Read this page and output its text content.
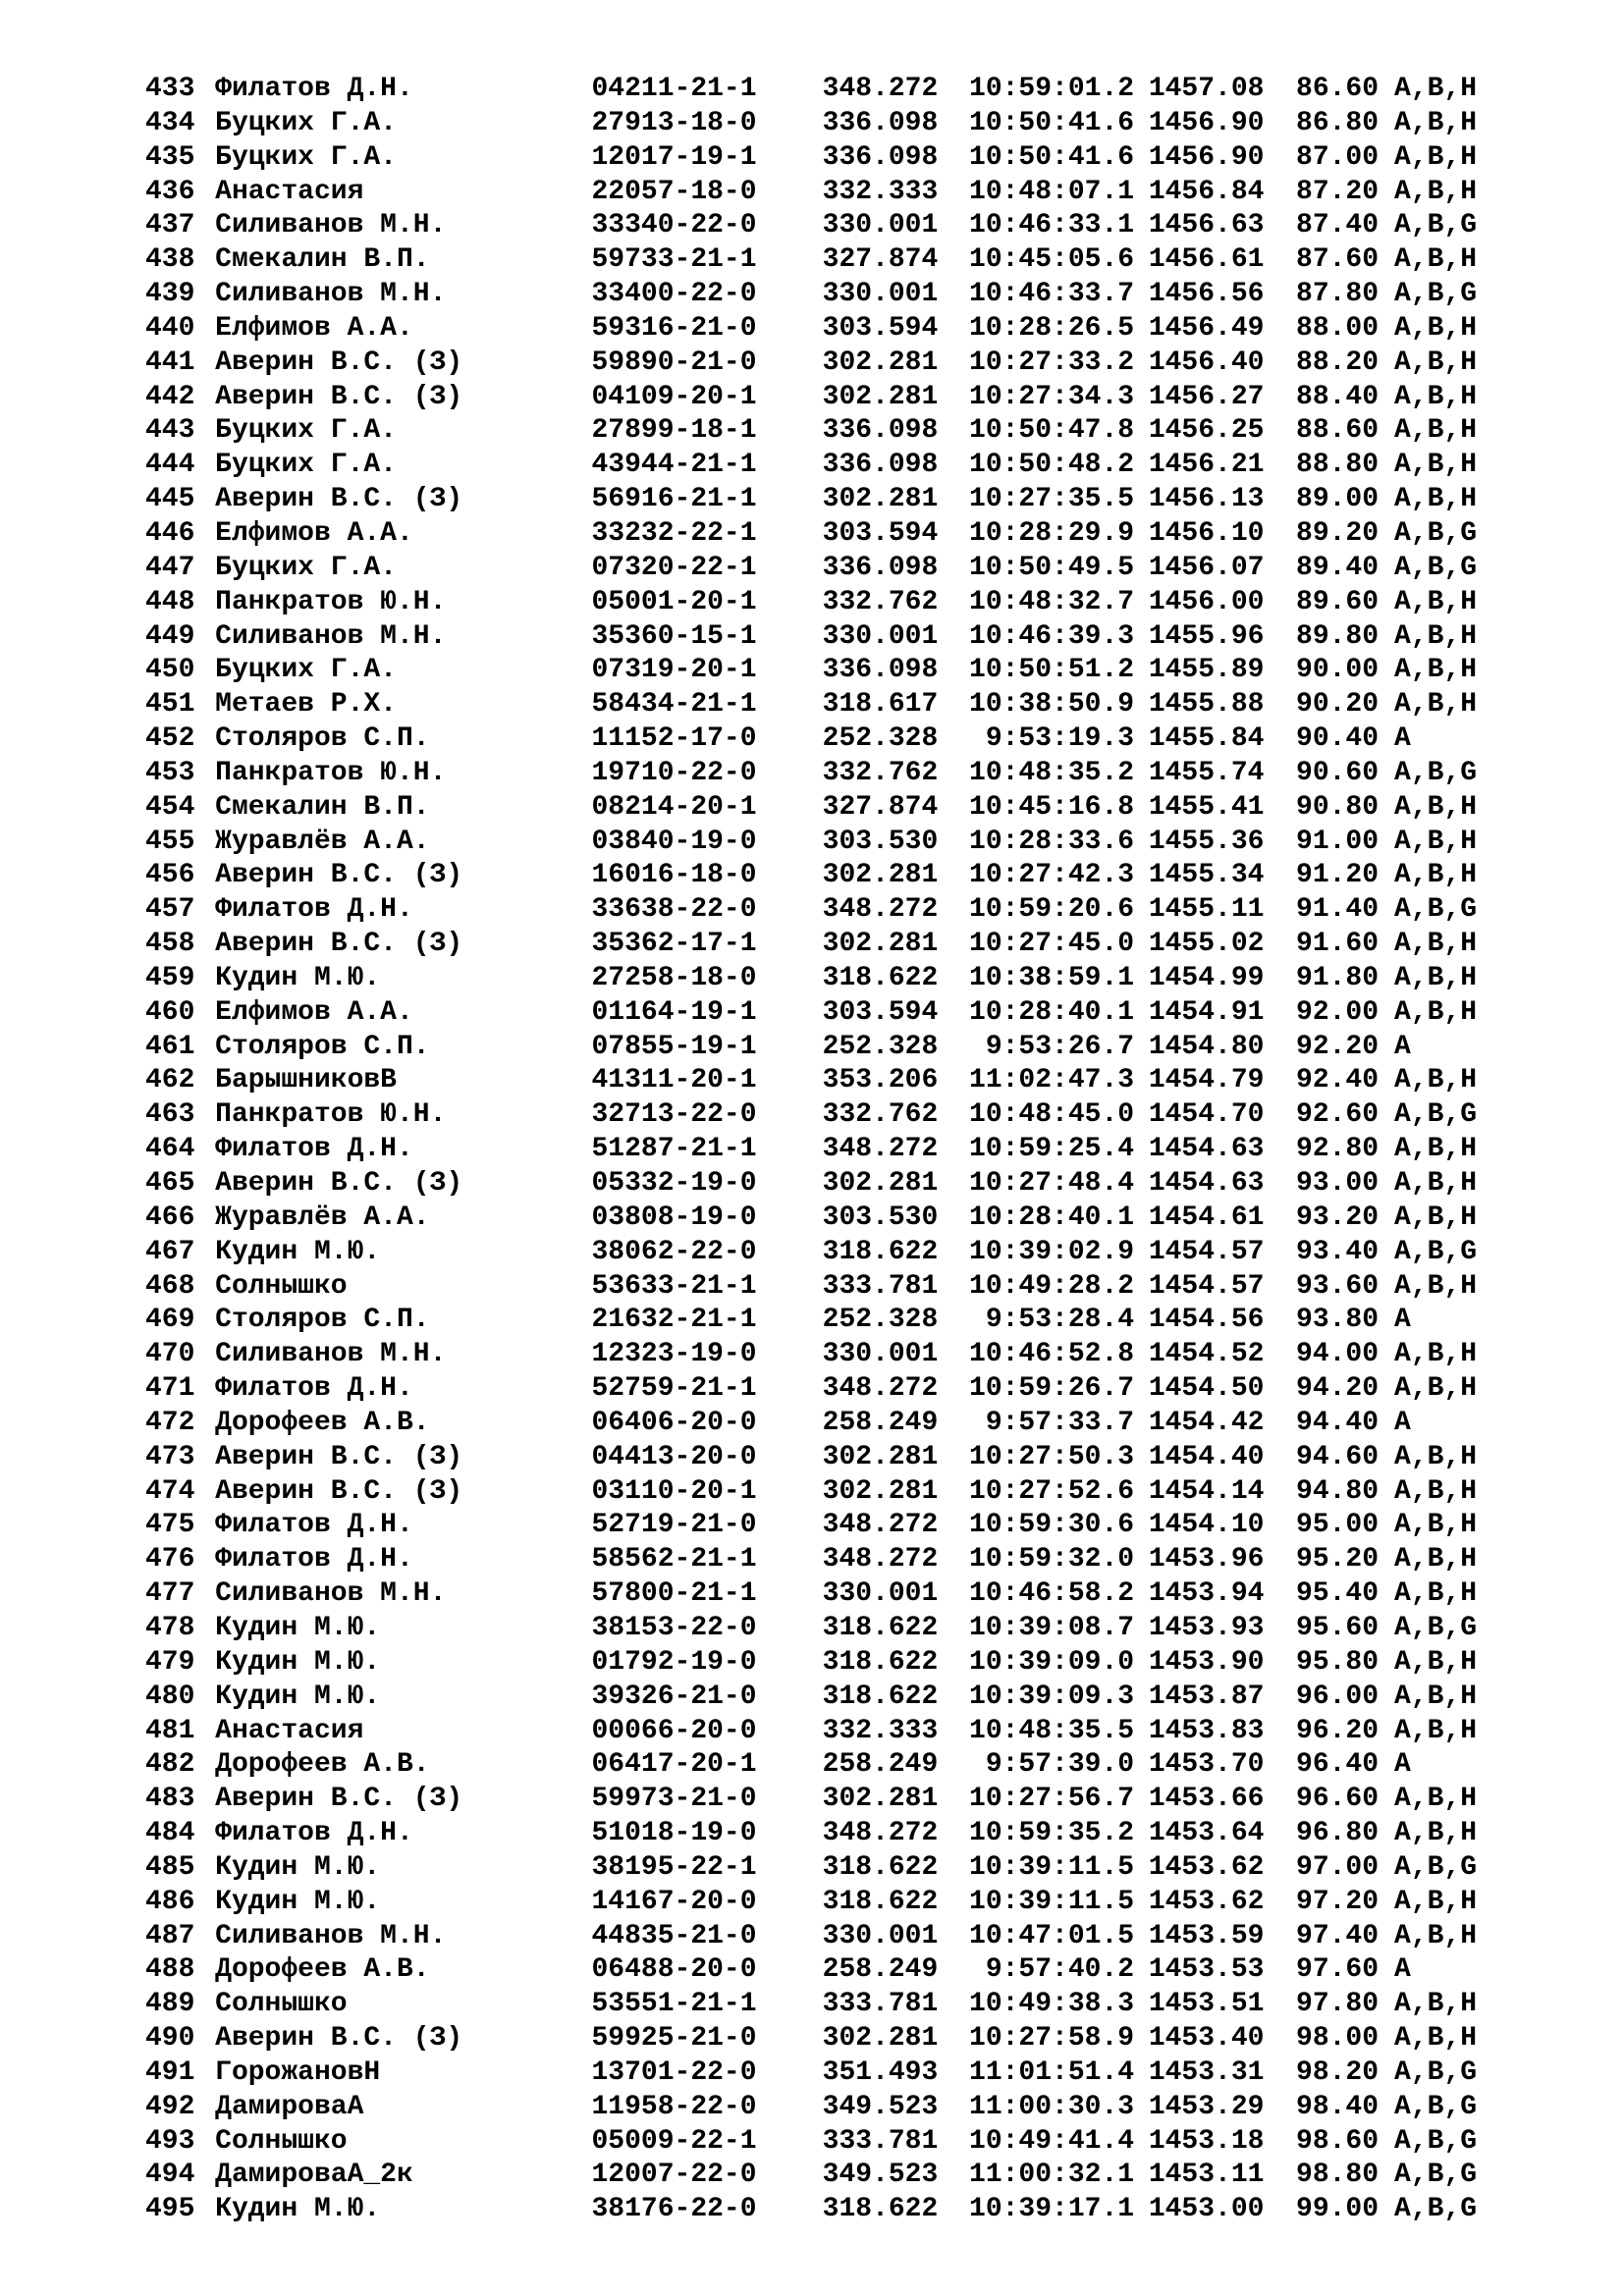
433 Филатов Д.Н.	04211-21-1	348.272	10:59:01.2 1457.08	86.60 A,B,H
434 Буцких Г.А.	27913-18-0	336.098	10:50:41.6 1456.90	86.80 A,B,H
435 Буцких Г.А.	12017-19-1	336.098	10:50:41.6 1456.90	87.00 A,B,H
436 Анастасия	22057-18-0	332.333	10:48:07.1 1456.84	87.20 A,B,H
437 Силиванов М.Н.	33340-22-0	330.001	10:46:33.1 1456.63	87.40 A,B,G
438 Смекалин В.П.	59733-21-1	327.874	10:45:05.6 1456.61	87.60 A,B,H
439 Силиванов М.Н.	33400-22-0	330.001	10:46:33.7 1456.56	87.80 A,B,G
440 Елфимов А.А.	59316-21-0	303.594	10:28:26.5 1456.49	88.00 A,B,H
441 Аверин В.С. (З)	59890-21-0	302.281	10:27:33.2 1456.40	88.20 A,B,H
442 Аверин В.С. (З)	04109-20-1	302.281	10:27:34.3 1456.27	88.40 A,B,H
443 Буцких Г.А.	27899-18-1	336.098	10:50:47.8 1456.25	88.60 A,B,H
444 Буцких Г.А.	43944-21-1	336.098	10:50:48.2 1456.21	88.80 A,B,H
445 Аверин В.С. (З)	56916-21-1	302.281	10:27:35.5 1456.13	89.00 A,B,H
446 Елфимов А.А.	33232-22-1	303.594	10:28:29.9 1456.10	89.20 A,B,G
447 Буцких Г.А.	07320-22-1	336.098	10:50:49.5 1456.07	89.40 A,B,G
448 Панкратов Ю.Н.	05001-20-1	332.762	10:48:32.7 1456.00	89.60 A,B,H
449 Силиванов М.Н.	35360-15-1	330.001	10:46:39.3 1455.96	89.80 A,B,H
450 Буцких Г.А.	07319-20-1	336.098	10:50:51.2 1455.89	90.00 A,B,H
451 Метаев Р.Х.	58434-21-1	318.617	10:38:50.9 1455.88	90.20 A,B,H
452 Столяров С.П.	11152-17-0	252.328	9:53:19.3 1455.84	90.40 A
453 Панкратов Ю.Н.	19710-22-0	332.762	10:48:35.2 1455.74	90.60 A,B,G
454 Смекалин В.П.	08214-20-1	327.874	10:45:16.8 1455.41	90.80 A,B,H
455 Журавлёв А.А.	03840-19-0	303.530	10:28:33.6 1455.36	91.00 A,B,H
456 Аверин В.С. (З)	16016-18-0	302.281	10:27:42.3 1455.34	91.20 A,B,H
457 Филатов Д.Н.	33638-22-0	348.272	10:59:20.6 1455.11	91.40 A,B,G
458 Аверин В.С. (З)	35362-17-1	302.281	10:27:45.0 1455.02	91.60 A,B,H
459 Кудин М.Ю.	27258-18-0	318.622	10:38:59.1 1454.99	91.80 A,B,H
460 Елфимов А.А.	01164-19-1	303.594	10:28:40.1 1454.91	92.00 A,B,H
461 Столяров С.П.	07855-19-1	252.328	9:53:26.7 1454.80	92.20 A
462 БарышниковВ	41311-20-1	353.206	11:02:47.3 1454.79	92.40 A,B,H
463 Панкратов Ю.Н.	32713-22-0	332.762	10:48:45.0 1454.70	92.60 A,B,G
464 Филатов Д.Н.	51287-21-1	348.272	10:59:25.4 1454.63	92.80 A,B,H
465 Аверин В.С. (З)	05332-19-0	302.281	10:27:48.4 1454.63	93.00 A,B,H
466 Журавлёв А.А.	03808-19-0	303.530	10:28:40.1 1454.61	93.20 A,B,H
467 Кудин М.Ю.	38062-22-0	318.622	10:39:02.9 1454.57	93.40 A,B,G
468 Солнышко	53633-21-1	333.781	10:49:28.2 1454.57	93.60 A,B,H
469 Столяров С.П.	21632-21-1	252.328	9:53:28.4 1454.56	93.80 A
470 Силиванов М.Н.	12323-19-0	330.001	10:46:52.8 1454.52	94.00 A,B,H
471 Филатов Д.Н.	52759-21-1	348.272	10:59:26.7 1454.50	94.20 A,B,H
472 Дорофеев А.В.	06406-20-0	258.249	9:57:33.7 1454.42	94.40 A
473 Аверин В.С. (З)	04413-20-0	302.281	10:27:50.3 1454.40	94.60 A,B,H
474 Аверин В.С. (З)	03110-20-1	302.281	10:27:52.6 1454.14	94.80 A,B,H
475 Филатов Д.Н.	52719-21-0	348.272	10:59:30.6 1454.10	95.00 A,B,H
476 Филатов Д.Н.	58562-21-1	348.272	10:59:32.0 1453.96	95.20 A,B,H
477 Силиванов М.Н.	57800-21-1	330.001	10:46:58.2 1453.94	95.40 A,B,H
478 Кудин М.Ю.	38153-22-0	318.622	10:39:08.7 1453.93	95.60 A,B,G
479 Кудин М.Ю.	01792-19-0	318.622	10:39:09.0 1453.90	95.80 A,B,H
480 Кудин М.Ю.	39326-21-0	318.622	10:39:09.3 1453.87	96.00 A,B,H
481 Анастасия	00066-20-0	332.333	10:48:35.5 1453.83	96.20 A,B,H
482 Дорофеев А.В.	06417-20-1	258.249	9:57:39.0 1453.70	96.40 A
483 Аверин В.С. (З)	59973-21-0	302.281	10:27:56.7 1453.66	96.60 A,B,H
484 Филатов Д.Н.	51018-19-0	348.272	10:59:35.2 1453.64	96.80 A,B,H
485 Кудин М.Ю.	38195-22-1	318.622	10:39:11.5 1453.62	97.00 A,B,G
486 Кудин М.Ю.	14167-20-0	318.622	10:39:11.5 1453.62	97.20 A,B,H
487 Силиванов М.Н.	44835-21-0	330.001	10:47:01.5 1453.59	97.40 A,B,H
488 Дорофеев А.В.	06488-20-0	258.249	9:57:40.2 1453.53	97.60 A
489 Солнышко	53551-21-1	333.781	10:49:38.3 1453.51	97.80 A,B,H
490 Аверин В.С. (З)	59925-21-0	302.281	10:27:58.9 1453.40	98.00 A,B,H
491 ГорожановН	13701-22-0	351.493	11:01:51.4 1453.31	98.20 A,B,G
492 ДамироваА	11958-22-0	349.523	11:00:30.3 1453.29	98.40 A,B,G
493 Солнышко	05009-22-1	333.781	10:49:41.4 1453.18	98.60 A,B,G
494 ДамироваА_2к	12007-22-0	349.523	11:00:32.1 1453.11	98.80 A,B,G
495 Кудин М.Ю.	38176-22-0	318.622	10:39:17.1 1453.00	99.00 A,B,G
